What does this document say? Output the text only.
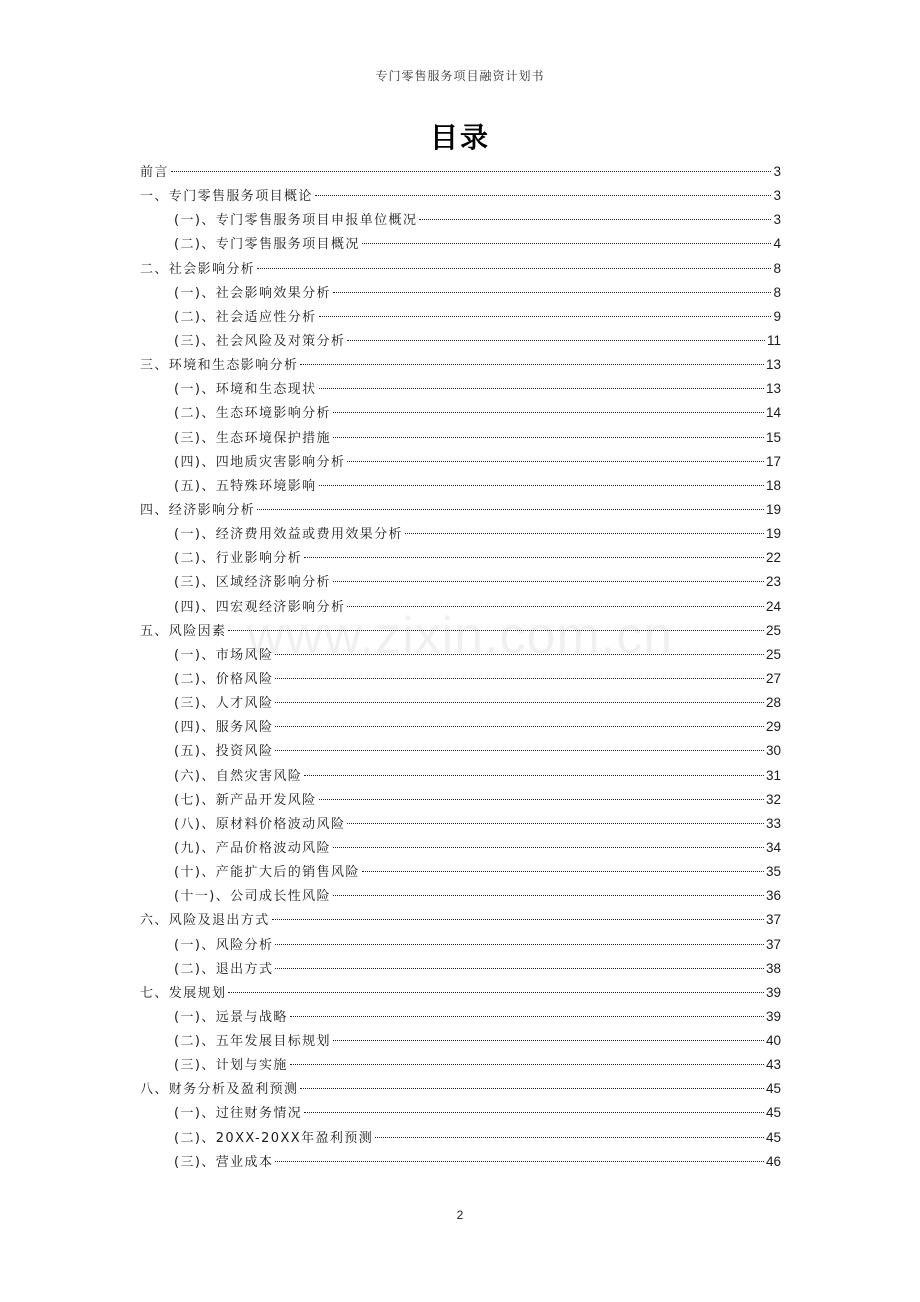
专门零售服务项目融资计划书
目录
www.zixin.com.cn
前言	3
一、专门零售服务项目概论	3
(一)、专门零售服务项目申报单位概况	3
(二)、专门零售服务项目概况	4
二、社会影响分析	8
(一)、社会影响效果分析	8
(二)、社会适应性分析	9
(三)、社会风险及对策分析	11
三、环境和生态影响分析	13
(一)、环境和生态现状	13
(二)、生态环境影响分析	14
(三)、生态环境保护措施	15
(四)、四地质灾害影响分析	17
(五)、五特殊环境影响	18
四、经济影响分析	19
(一)、经济费用效益或费用效果分析	19
(二)、行业影响分析	22
(三)、区域经济影响分析	23
(四)、四宏观经济影响分析	24
五、风险因素	25
(一)、市场风险	25
(二)、价格风险	27
(三)、人才风险	28
(四)、服务风险	29
(五)、投资风险	30
(六)、自然灾害风险	31
(七)、新产品开发风险	32
(八)、原材料价格波动风险	33
(九)、产品价格波动风险	34
(十)、产能扩大后的销售风险	35
(十一)、公司成长性风险	36
六、风险及退出方式	37
(一)、风险分析	37
(二)、退出方式	38
七、发展规划	39
(一)、远景与战略	39
(二)、五年发展目标规划	40
(三)、计划与实施	43
八、财务分析及盈利预测	45
(一)、过往财务情况	45
(二)、20XX-20XX年盈利预测	45
(三)、营业成本	46
2
